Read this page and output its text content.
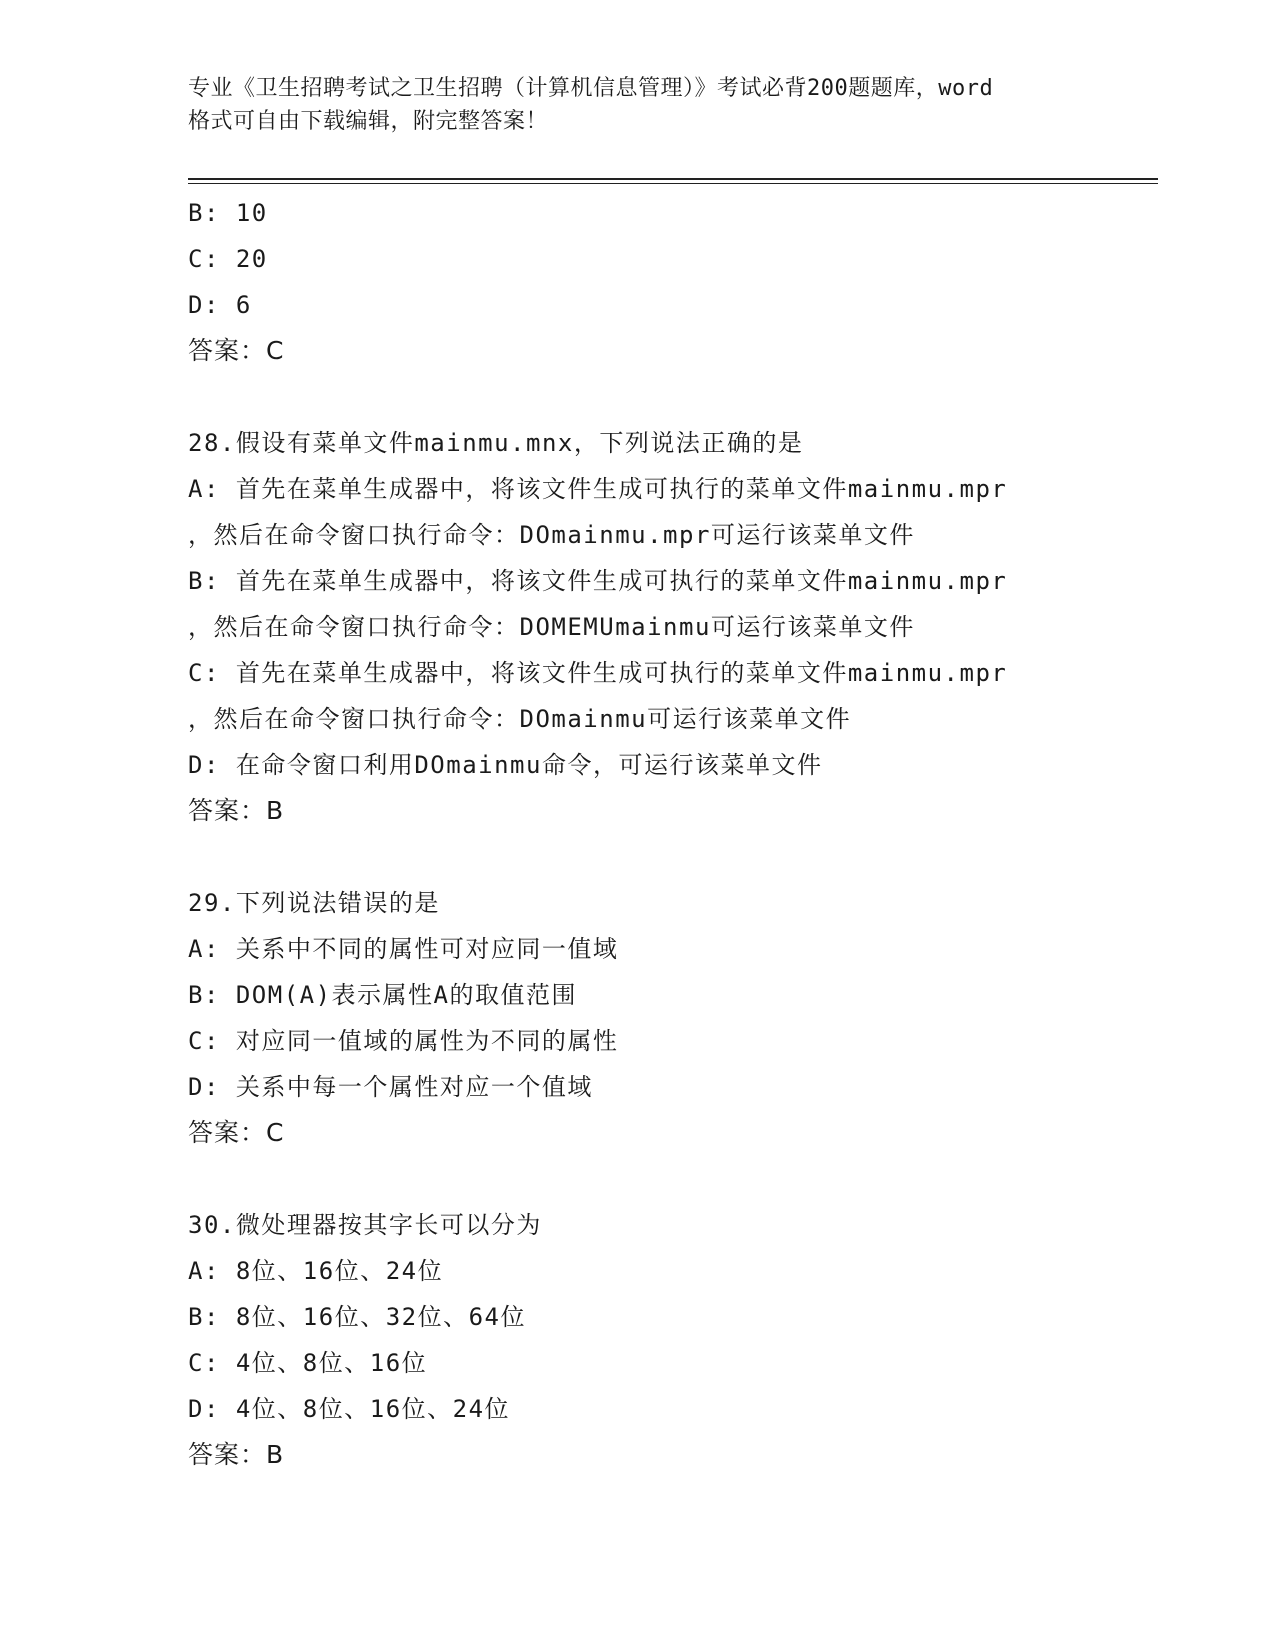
专业《卫生招聘考试之卫生招聘（计算机信息管理）》考试必背200题题库，word
格式可自由下载编辑，附完整答案！
B: 10
C: 20
D: 6
答案：C
28.假设有菜单文件mainmu.mnx，下列说法正确的是
A: 首先在菜单生成器中，将该文件生成可执行的菜单文件mainmu.mpr
，然后在命令窗口执行命令：DOmainmu.mpr可运行该菜单文件
B: 首先在菜单生成器中，将该文件生成可执行的菜单文件mainmu.mpr
，然后在命令窗口执行命令：DOMEMUmainmu可运行该菜单文件
C: 首先在菜单生成器中，将该文件生成可执行的菜单文件mainmu.mpr
，然后在命令窗口执行命令：DOmainmu可运行该菜单文件
D: 在命令窗口利用DOmainmu命令，可运行该菜单文件
答案：B
29.下列说法错误的是
A: 关系中不同的属性可对应同一值域
B: DOM(A)表示属性A的取值范围
C: 对应同一值域的属性为不同的属性
D: 关系中每一个属性对应一个值域
答案：C
30.微处理器按其字长可以分为
A: 8位、16位、24位
B: 8位、16位、32位、64位
C: 4位、8位、16位
D: 4位、8位、16位、24位
答案：B
